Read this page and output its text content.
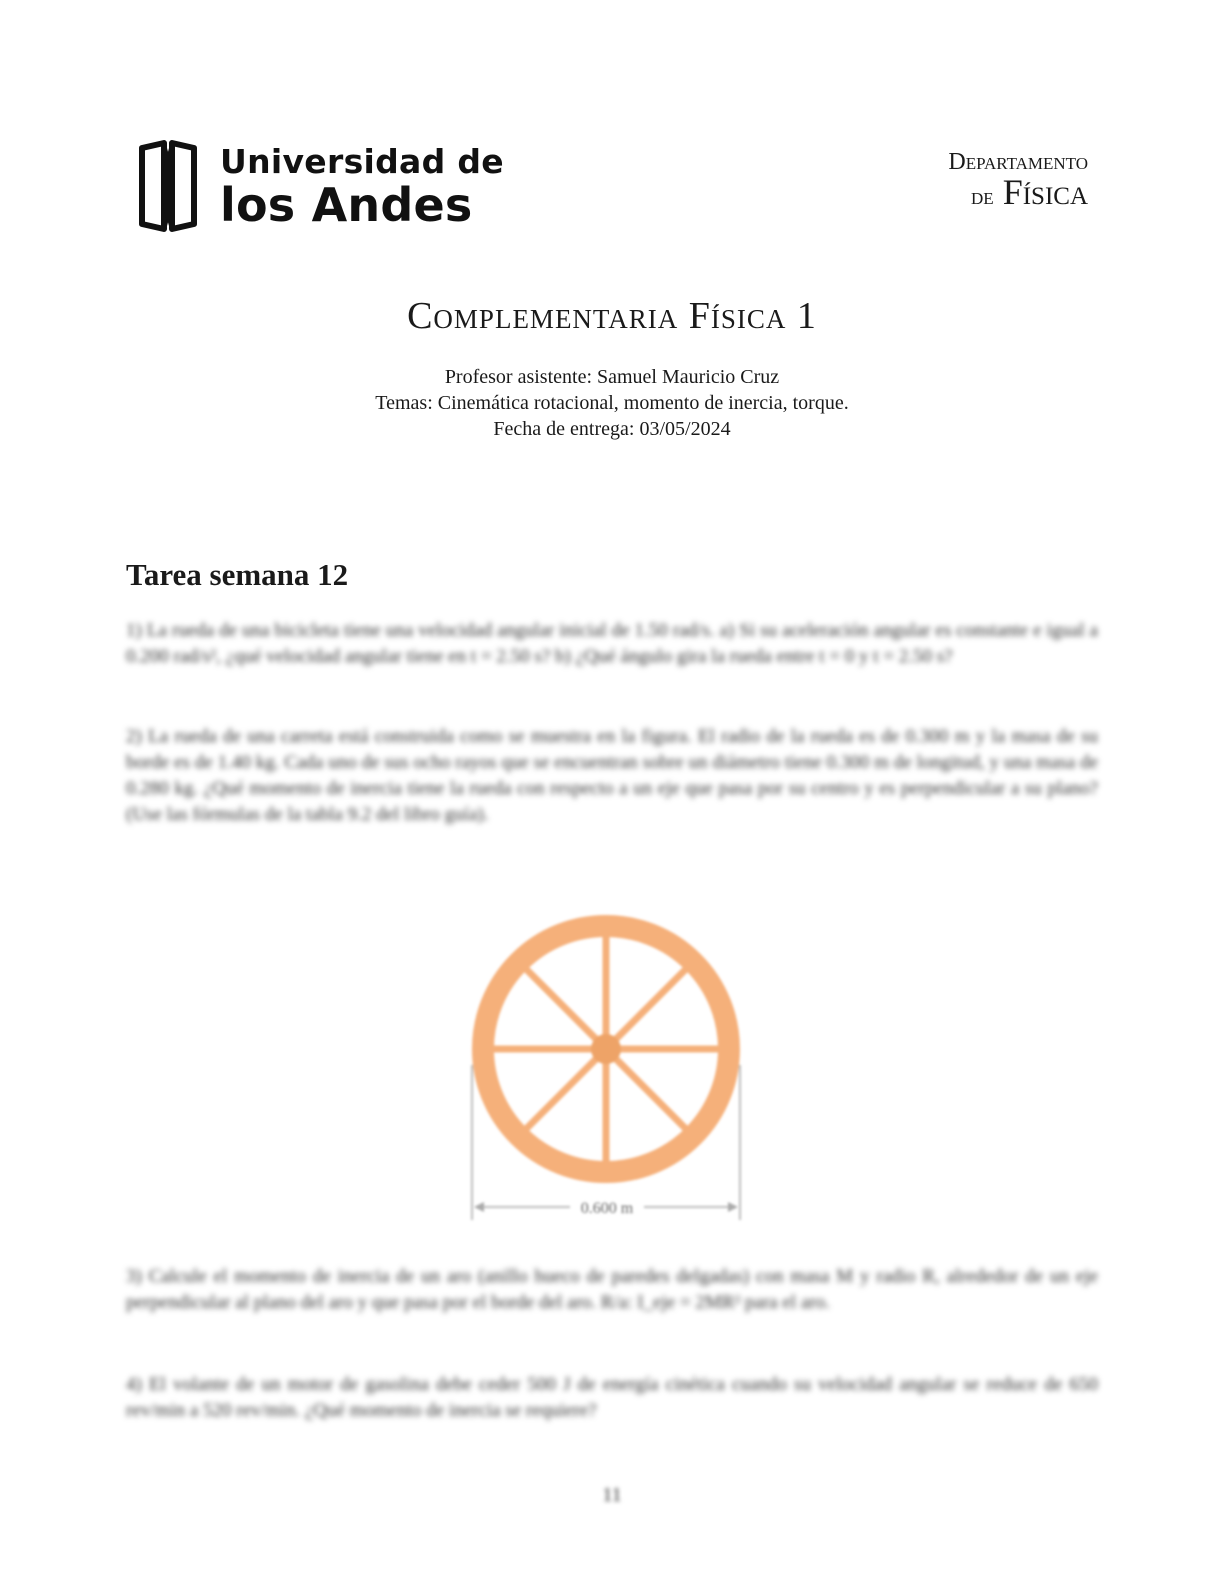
Universidad de
los Andes
Departamento
de Física
Complementaria Física 1
Profesor asistente: Samuel Mauricio Cruz
Temas: Cinemática rotacional, momento de inercia, torque.
Fecha de entrega: 03/05/2024
Tarea semana 12
1) La rueda de una bicicleta tiene una velocidad angular inicial de 1.50 rad/s. a) Si su aceleración angular es constante e igual a 0.200 rad/s², ¿qué velocidad angular tiene en t = 2.50 s? b) ¿Qué ángulo gira la rueda entre t = 0 y t = 2.50 s?
2) La rueda de una carreta está construida como se muestra en la figura. El radio de la rueda es de 0.300 m y la masa de su borde es de 1.40 kg. Cada uno de sus ocho rayos que se encuentran sobre un diámetro tiene 0.300 m de longitud, y una masa de 0.280 kg. ¿Qué momento de inercia tiene la rueda con respecto a un eje que pasa por su centro y es perpendicular a su plano? (Use las fórmulas de la tabla 9.2 del libro guía).
0.600 m
3) Calcule el momento de inercia de un aro (anillo hueco de paredes delgadas) con masa M y radio R, alrededor de un eje perpendicular al plano del aro y que pasa por el borde del aro. R/a: I_eje = 2MR² para el aro.
4) El volante de un motor de gasolina debe ceder 500 J de energía cinética cuando su velocidad angular se reduce de 650 rev/min a 520 rev/min. ¿Qué momento de inercia se requiere?
11
